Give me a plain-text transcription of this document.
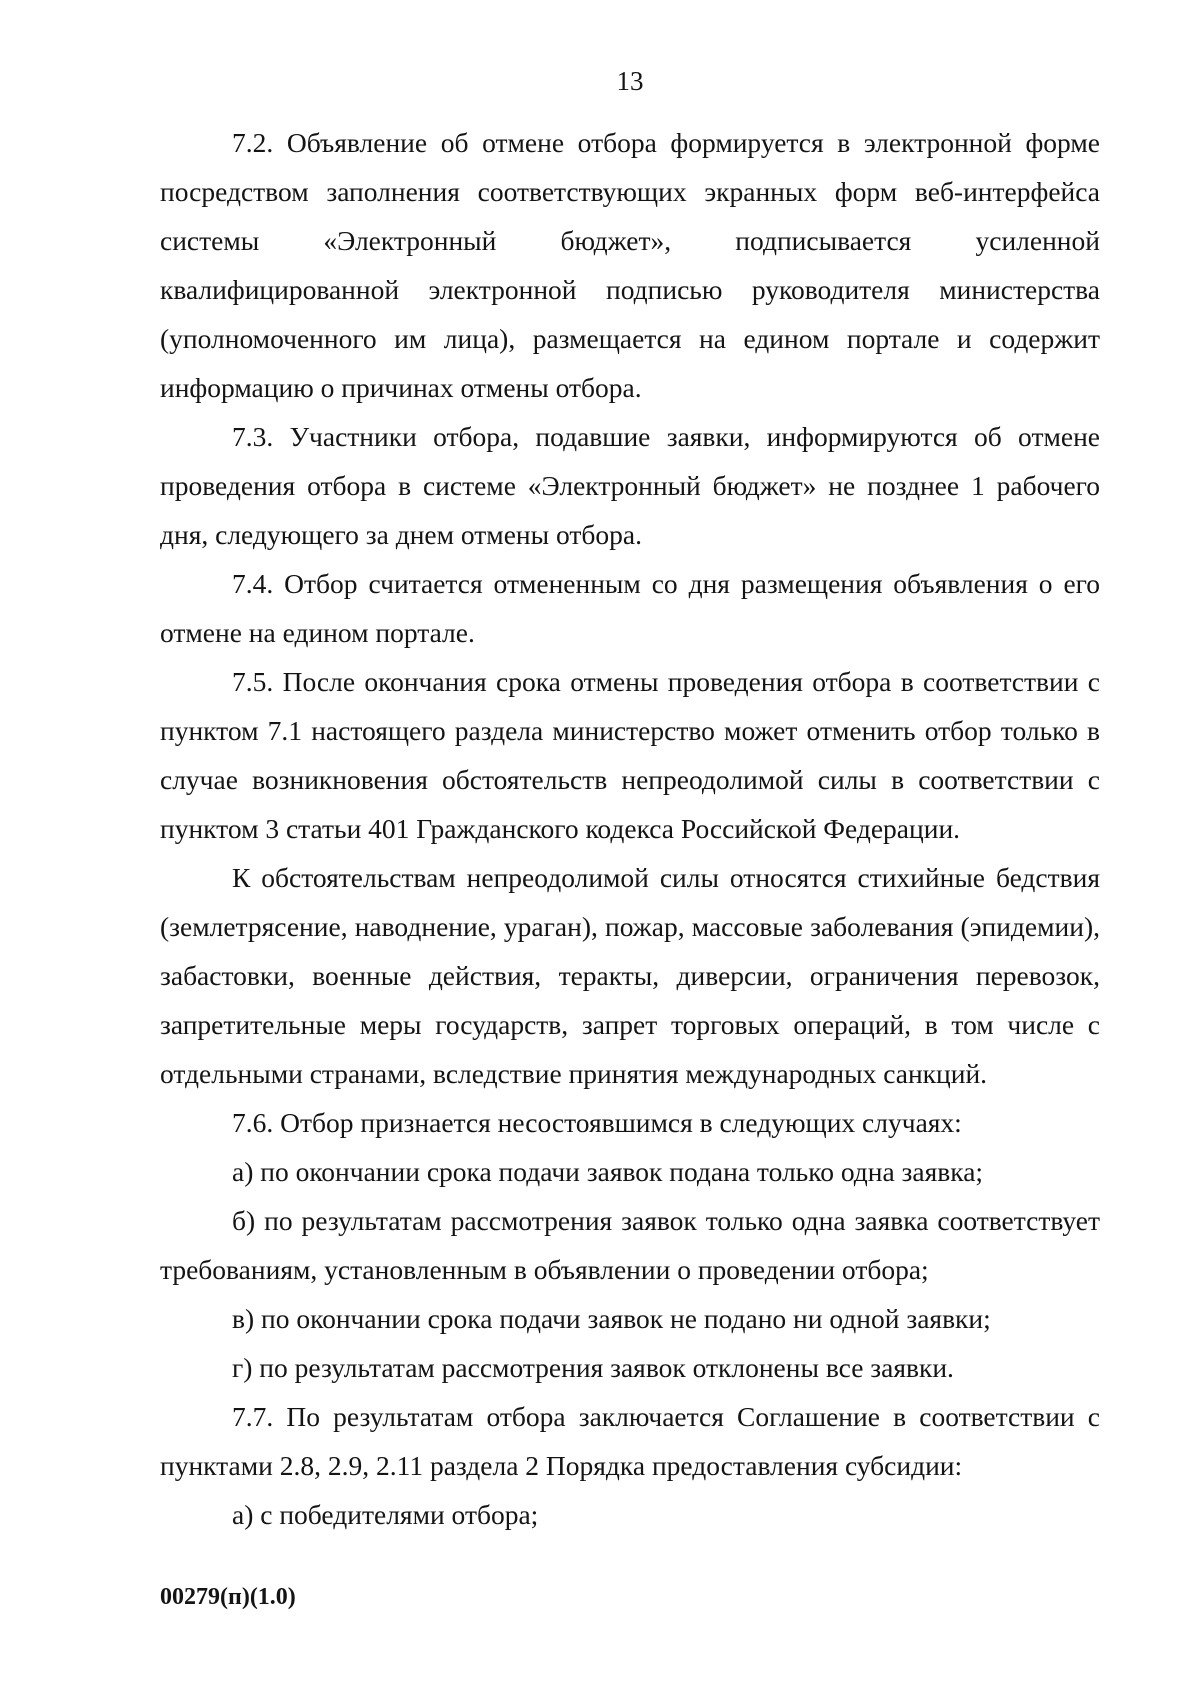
13

7.2. Объявление об отмене отбора формируется в электронной форме посредством заполнения соответствующих экранных форм веб-интерфейса системы «Электронный бюджет», подписывается усиленной квалифицированной электронной подписью руководителя министерства (уполномоченного им лица), размещается на едином портале и содержит информацию о причинах отмены отбора.

7.3. Участники отбора, подавшие заявки, информируются об отмене проведения отбора в системе «Электронный бюджет» не позднее 1 рабочего дня, следующего за днем отмены отбора.

7.4. Отбор считается отмененным со дня размещения объявления о его отмене на едином портале.

7.5. После окончания срока отмены проведения отбора в соответствии с пунктом 7.1 настоящего раздела министерство может отменить отбор только в случае возникновения обстоятельств непреодолимой силы в соответствии с пунктом 3 статьи 401 Гражданского кодекса Российской Федерации.

К обстоятельствам непреодолимой силы относятся стихийные бедствия (землетрясение, наводнение, ураган), пожар, массовые заболевания (эпидемии), забастовки, военные действия, теракты, диверсии, ограничения перевозок, запретительные меры государств, запрет торговых операций, в том числе с отдельными странами, вследствие принятия международных санкций.

7.6. Отбор признается несостоявшимся в следующих случаях:

а) по окончании срока подачи заявок подана только одна заявка;

б) по результатам рассмотрения заявок только одна заявка соответствует требованиям, установленным в объявлении о проведении отбора;

в) по окончании срока подачи заявок не подано ни одной заявки;

г) по результатам рассмотрения заявок отклонены все заявки.

7.7. По результатам отбора заключается Соглашение в соответствии с пунктами 2.8, 2.9, 2.11 раздела 2 Порядка предоставления субсидии:

а) с победителями отбора;

00279(п)(1.0)
